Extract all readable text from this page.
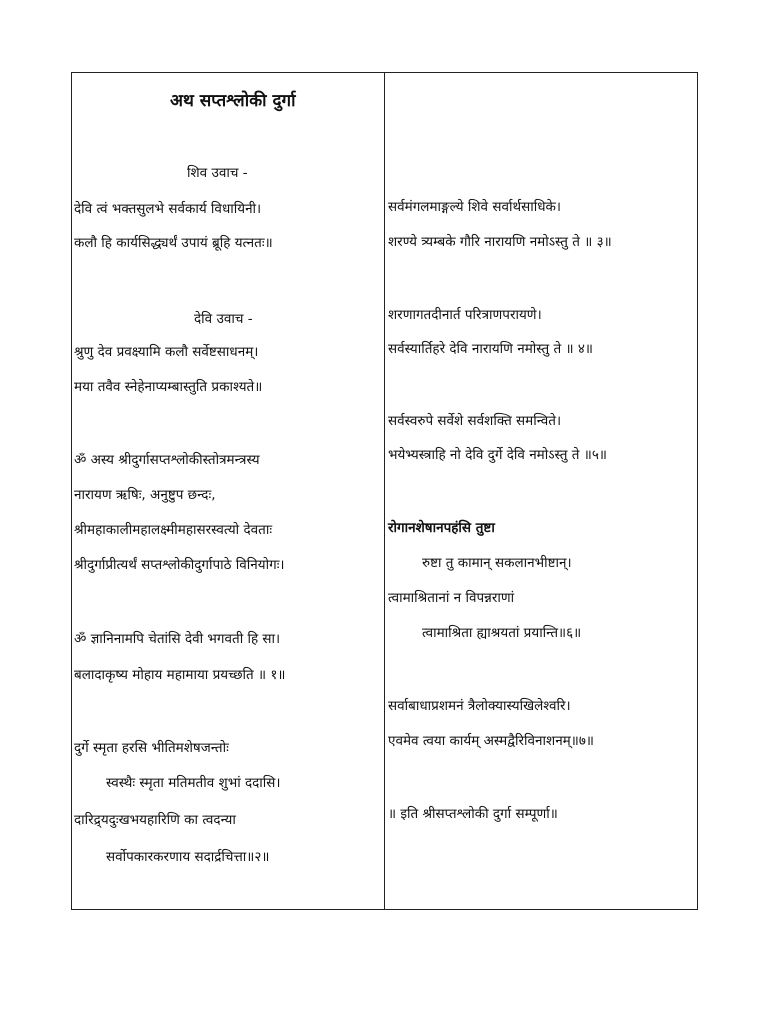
अथ सप्तश्लोकी दुर्गा
शिव उवाच -
देवि त्वं भक्तसुलभे सर्वकार्य विधायिनी।
कलौ हि कार्यसिद्ध्यर्थं उपायं ब्रूहि यत्नतः॥
देवि उवाच -
श्रुणु देव प्रवक्ष्यामि कलौ सर्वेष्टसाधनम्।
मया तवैव स्नेहेनाप्यम्बास्तुति प्रकाश्यते॥
ॐ अस्य श्रीदुर्गासप्तश्लोकीस्तोत्रमन्त्रस्य
नारायण ऋषिः, अनुष्टुप छन्दः,
श्रीमहाकालीमहालक्ष्मीमहासरस्वत्यो देवताः
श्रीदुर्गाप्रीत्यर्थं सप्तश्लोकीदुर्गापाठे विनियोगः।
ॐ ज्ञानिनामपि चेतांसि देवी भगवती हि सा।
बलादाकृष्य मोहाय महामाया प्रयच्छति ॥ १॥
दुर्गे स्मृता हरसि भीतिमशेषजन्तोः
स्वस्थैः स्मृता मतिमतीव शुभां ददासि।
दारिद्र्यदुःखभयहारिणि का त्वदन्या
सर्वोपकारकरणाय सदार्द्रचित्ता॥२॥
सर्वमंगलमाङ्गल्ये शिवे सर्वार्थसाधिके।
शरण्ये त्र्यम्बके गौरि नारायणि नमोऽस्तु ते ॥ ३॥
शरणागतदीनार्त परित्राणपरायणे।
सर्वस्यार्तिहरे देवि नारायणि नमोस्तु ते ॥ ४॥
सर्वस्वरुपे सर्वेशे सर्वशक्ति समन्विते।
भयेभ्यस्त्राहि नो देवि दुर्गे देवि नमोऽस्तु ते ॥५॥
रोगानशेषानपहंसि तुष्टा
रुष्टा तु कामान् सकलानभीष्टान्।
त्वामाश्रितानां न विपन्नराणां
त्वामाश्रिता ह्याश्रयतां प्रयान्ति॥६॥
सर्वाबाधाप्रशमनं त्रैलोक्यास्यखिलेश्वरि।
एवमेव त्वया कार्यम् अस्मद्वैरिविनाशनम्॥७॥
॥ इति श्रीसप्तश्लोकी दुर्गा सम्पूर्णा॥
